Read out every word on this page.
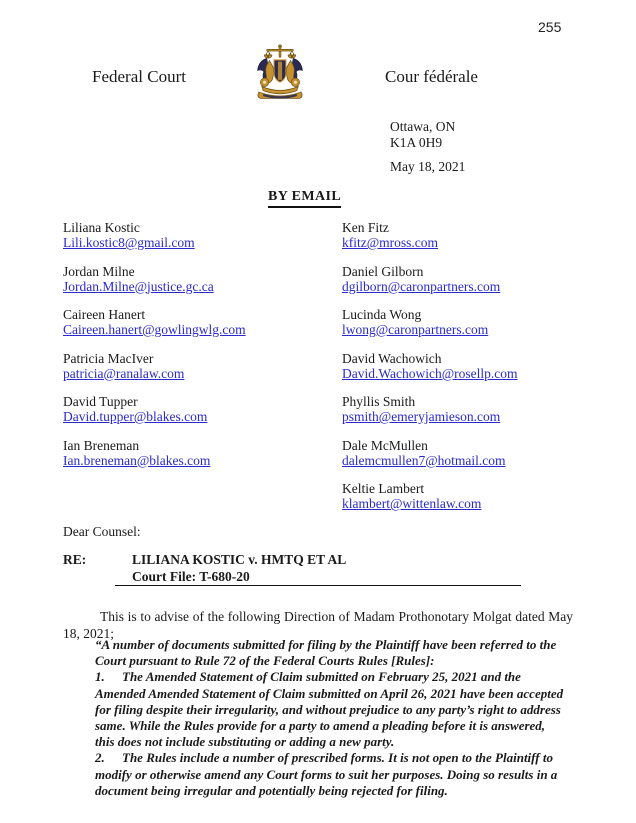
255
Federal Court	Cour fédérale
Ottawa, ON
K1A 0H9
May 18, 2021
BY EMAIL
Liliana Kostic
Lili.kostic8@gmail.com
Jordan Milne
Jordan.Milne@justice.gc.ca
Caireen Hanert
Caireen.hanert@gowlingwlg.com
Patricia MacIver
patricia@ranalaw.com
David Tupper
David.tupper@blakes.com
Ian Breneman
Ian.breneman@blakes.com
Ken Fitz
kfitz@mross.com
Daniel Gilborn
dgilborn@caronpartners.com
Lucinda Wong
lwong@caronpartners.com
David Wachowich
David.Wachowich@rosellp.com
Phyllis Smith
psmith@emeryjamieson.com
Dale McMullen
dalemcmullen7@hotmail.com
Keltie Lambert
klambert@wittenlaw.com
Dear Counsel:
RE:	LILIANA KOSTIC v. HMTQ ET AL
Court File: T-680-20

This is to advise of the following Direction of Madam Prothonotary Molgat dated May 18, 2021;

“A number of documents submitted for filing by the Plaintiff have been referred to the Court pursuant to Rule 72 of the Federal Courts Rules [Rules]:

1. The Amended Statement of Claim submitted on February 25, 2021 and the Amended Amended Statement of Claim submitted on April 26, 2021 have been accepted for filing despite their irregularity, and without prejudice to any party’s right to address same. While the Rules provide for a party to amend a pleading before it is answered, this does not include substituting or adding a new party.

2. The Rules include a number of prescribed forms. It is not open to the Plaintiff to modify or otherwise amend any Court forms to suit her purposes. Doing so results in a document being irregular and potentially being rejected for filing.
